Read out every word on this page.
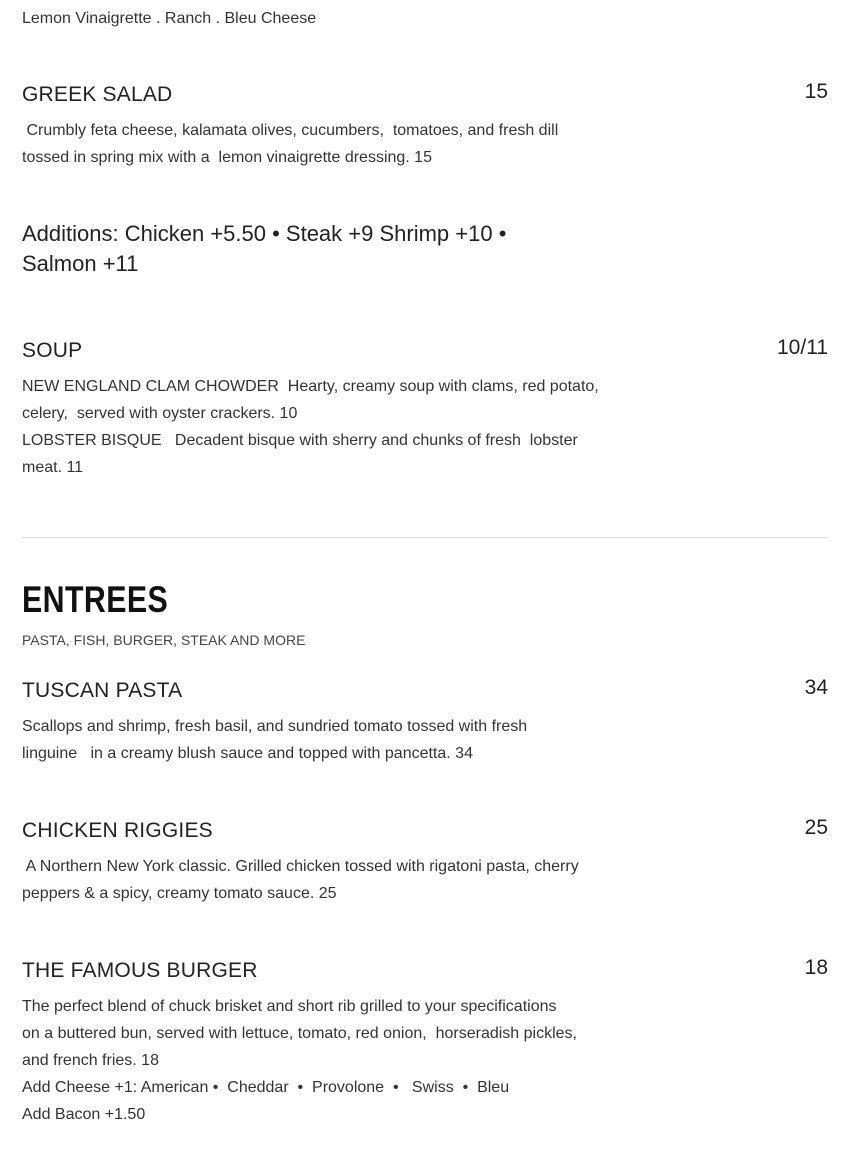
Lemon Vinaigrette . Ranch . Bleu Cheese
GREEK SALAD	15
Crumbly feta cheese, kalamata olives, cucumbers,  tomatoes, and fresh dill
tossed in spring mix with a  lemon vinaigrette dressing. 15
Additions: Chicken +5.50 • Steak +9 Shrimp +10 •
Salmon +11
SOUP	10/11
NEW ENGLAND CLAM CHOWDER  Hearty, creamy soup with clams, red potato,
celery,  served with oyster crackers. 10
LOBSTER BISQUE   Decadent bisque with sherry and chunks of fresh  lobster
meat. 11
ENTREES
PASTA, FISH, BURGER, STEAK AND MORE
TUSCAN PASTA	34
Scallops and shrimp, fresh basil, and sundried tomato tossed with fresh
linguine   in a creamy blush sauce and topped with pancetta. 34
CHICKEN RIGGIES	25
A Northern New York classic. Grilled chicken tossed with rigatoni pasta, cherry
peppers & a spicy, creamy tomato sauce. 25
THE FAMOUS BURGER	18
The perfect blend of chuck brisket and short rib grilled to your specifications
on a buttered bun, served with lettuce, tomato, red onion,  horseradish pickles,
and french fries. 18
Add Cheese +1: American •  Cheddar  •  Provolone  •   Swiss  •  Bleu
Add Bacon +1.50
